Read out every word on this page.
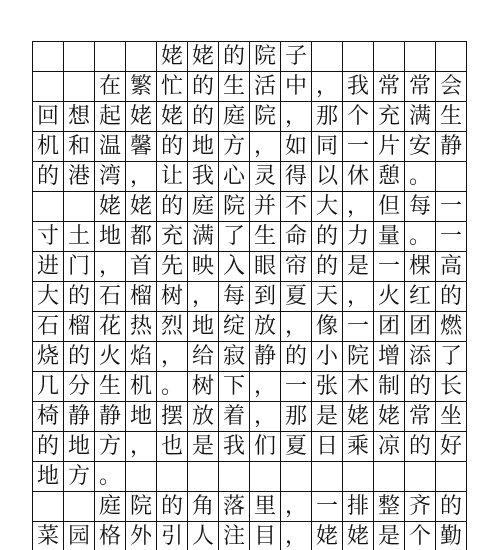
姥 姥 的 院 子
在 繁 忙 的 生 活 中 ， 我 常 常 会
回 想 起 姥 姥 的 庭 院 ， 那 个 充 满 生
机 和 温 馨 的 地 方 ， 如 同 一 片 安 静
的 港 湾 ， 让 我 心 灵 得 以 休 憩 。
姥 姥 的 庭 院 并 不 大 ， 但 每 一
寸 土 地 都 充 满 了 生 命 的 力 量 。 一
进 门 ， 首 先 映 入 眼 帘 的 是 一 棵 高
大 的 石 榴 树 ， 每 到 夏 天 ， 火 红 的
石 榴 花 热 烈 地 绽 放 ， 像 一 团 团 燃
烧 的 火 焰 ， 给 寂 静 的 小 院 增 添 了
几 分 生 机 。 树 下 ， 一 张 木 制 的 长
椅 静 静 地 摆 放 着 ， 那 是 姥 姥 常 坐
的 地 方 ， 也 是 我 们 夏 日 乘 凉 的 好
地 方 。
庭 院 的 角 落 里 ， 一 排 整 齐 的
菜 园 格 外 引 人 注 目 ， 姥 姥 是 个 勤
